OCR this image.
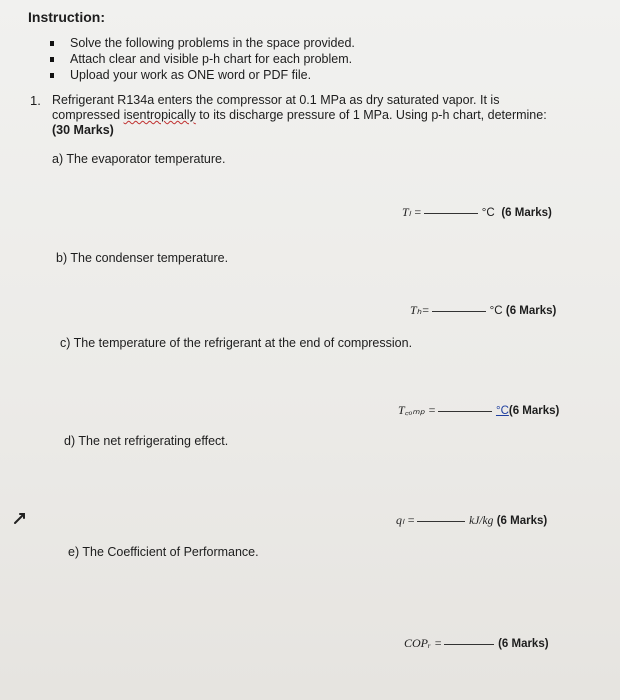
Instruction:
Solve the following problems in the space provided.
Attach clear and visible p-h chart for each problem.
Upload your work as ONE word or PDF file.
1. Refrigerant R134a enters the compressor at 0.1 MPa as dry saturated vapor. It is
compressed isentropically to its discharge pressure of 1 MPa. Using p-h chart, determine:
(30 Marks)
a) The evaporator temperature.
Tₗ =	°C
(6 Marks)
b) The condenser temperature.
Tₕ=	°C
(6 Marks)
c) The temperature of the refrigerant at the end of compression.
T꜀ₒₘₚ =	°C (6 Marks)
d) The net refrigerating effect.
qₗ =	kJ/kg
(6 Marks)
e) The Coefficient of Performance.
COPᵣ =	(6 Marks)
